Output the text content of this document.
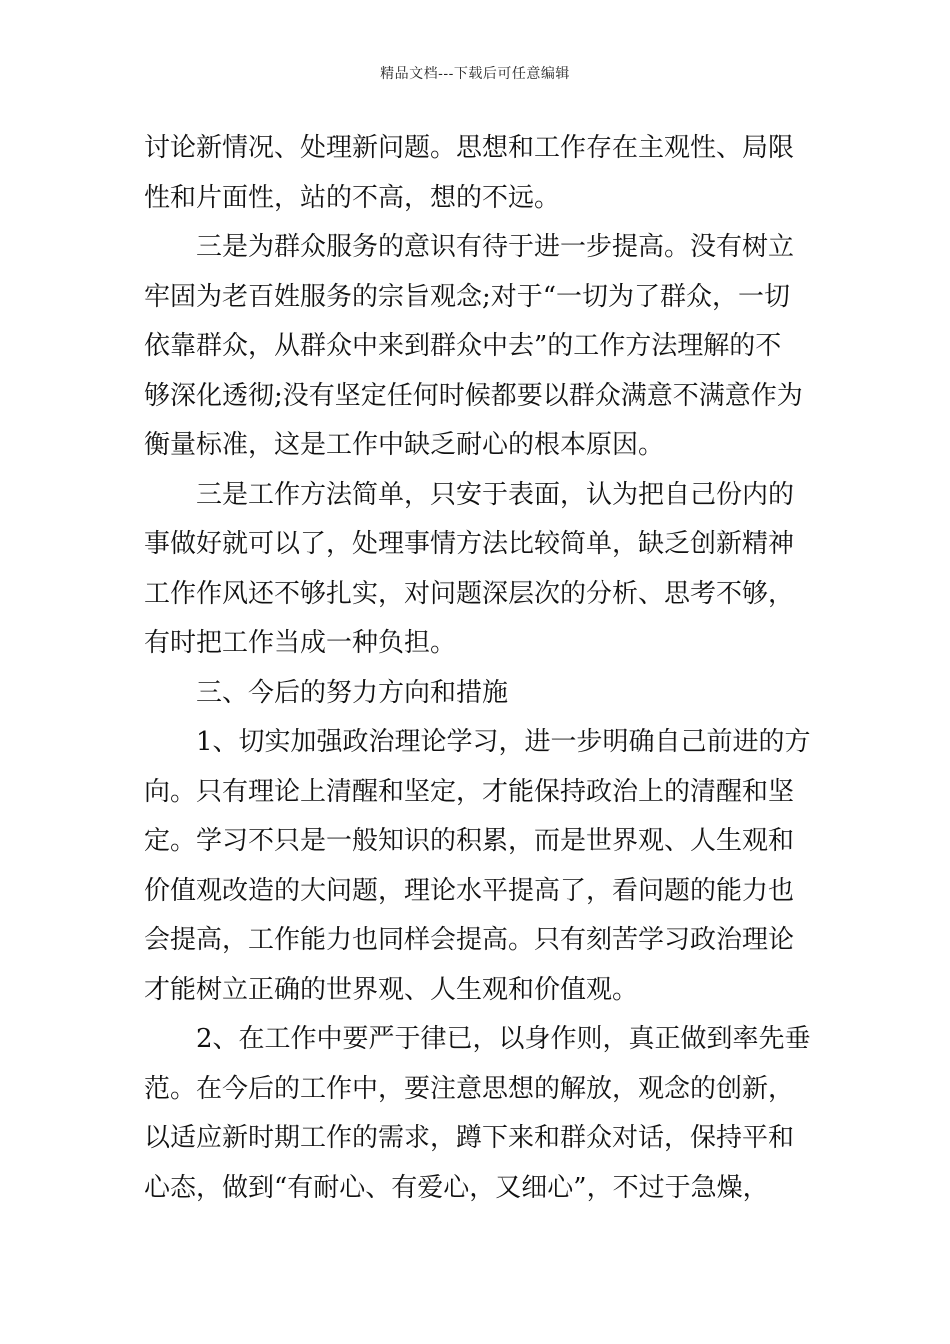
精品文档---下载后可任意编辑
讨论新情况、处理新问题。思想和工作存在主观性、局限
性和片面性，站的不高，想的不远。
三是为群众服务的意识有待于进一步提高。没有树立
牢固为老百姓服务的宗旨观念;对于“一切为了群众，一切
依靠群众，从群众中来到群众中去”的工作方法理解的不
够深化透彻;没有坚定任何时候都要以群众满意不满意作为
衡量标准，这是工作中缺乏耐心的根本原因。
三是工作方法简单，只安于表面，认为把自己份内的
事做好就可以了，处理事情方法比较简单，缺乏创新精神
工作作风还不够扎实，对问题深层次的分析、思考不够，
有时把工作当成一种负担。
三、今后的努力方向和措施
1、切实加强政治理论学习，进一步明确自己前进的方
向。只有理论上清醒和坚定，才能保持政治上的清醒和坚
定。学习不只是一般知识的积累，而是世界观、人生观和
价值观改造的大问题，理论水平提高了，看问题的能力也
会提高，工作能力也同样会提高。只有刻苦学习政治理论
才能树立正确的世界观、人生观和价值观。
2、在工作中要严于律已，以身作则，真正做到率先垂
范。在今后的工作中，要注意思想的解放，观念的创新，
以适应新时期工作的需求，蹲下来和群众对话，保持平和
心态，做到“有耐心、有爱心，又细心”，不过于急燥，
